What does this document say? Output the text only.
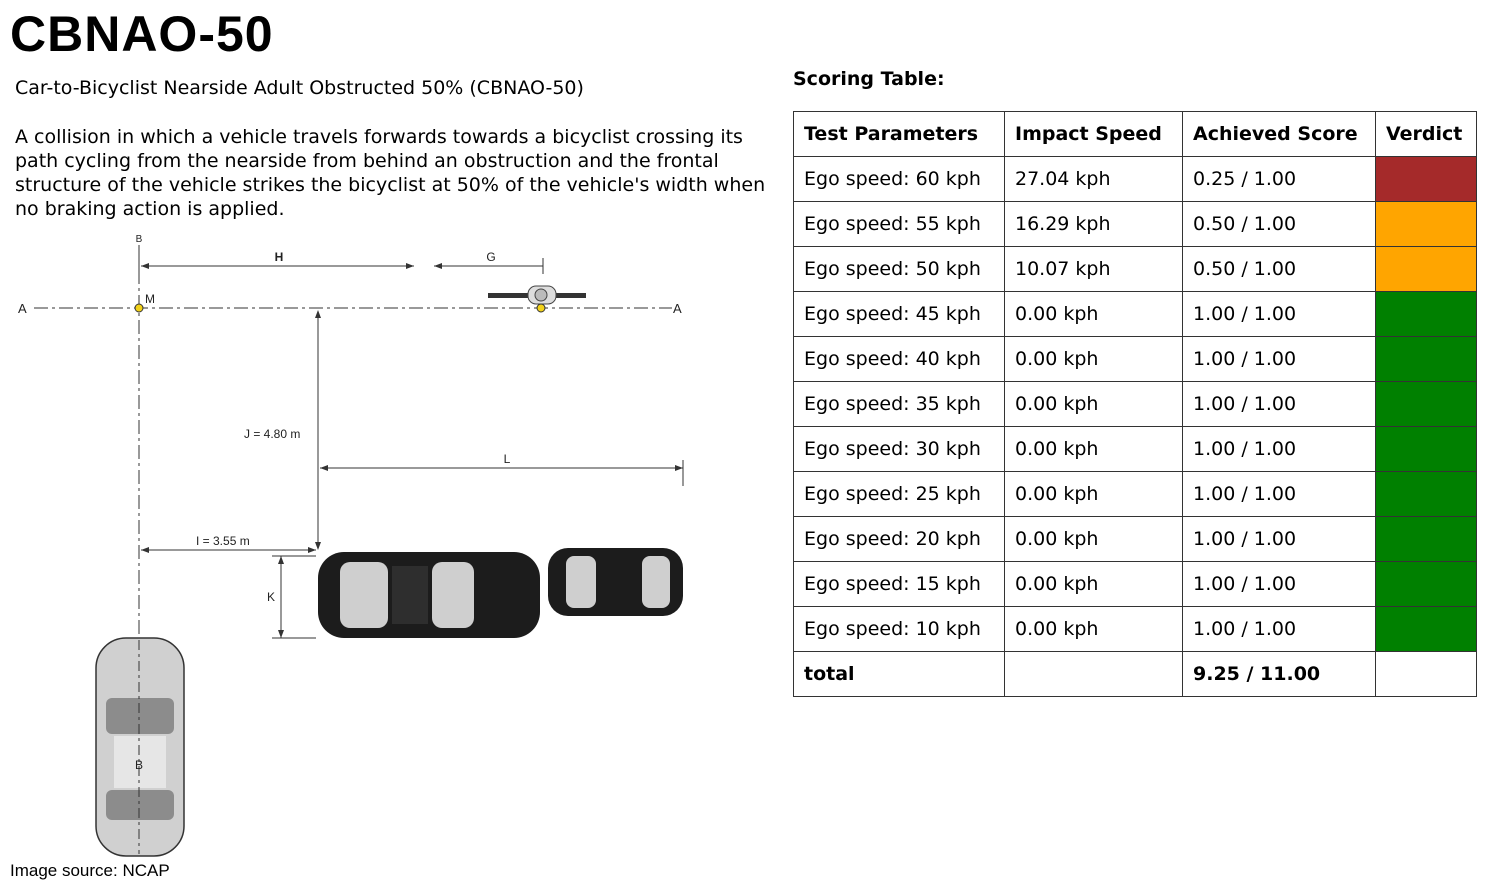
CBNAO-50

Car-to-Bicyclist Nearside Adult Obstructed 50% (CBNAO-50)

A collision in which a vehicle travels forwards towards a bicyclist crossing its path cycling from the nearside from behind an obstruction and the frontal structure of the vehicle strikes the bicyclist at 50% of the vehicle's width when no braking action is applied.

B
M
A	A
H	G
J = 4.80 m
L
I = 3.55 m
K
B

Image source: NCAP

Scoring Table:

Test Parameters	Impact Speed	Achieved Score	Verdict
Ego speed: 60 kph	27.04 kph	0.25 / 1.00	
Ego speed: 55 kph	16.29 kph	0.50 / 1.00	
Ego speed: 50 kph	10.07 kph	0.50 / 1.00	
Ego speed: 45 kph	0.00 kph	1.00 / 1.00	
Ego speed: 40 kph	0.00 kph	1.00 / 1.00	
Ego speed: 35 kph	0.00 kph	1.00 / 1.00	
Ego speed: 30 kph	0.00 kph	1.00 / 1.00	
Ego speed: 25 kph	0.00 kph	1.00 / 1.00	
Ego speed: 20 kph	0.00 kph	1.00 / 1.00	
Ego speed: 15 kph	0.00 kph	1.00 / 1.00	
Ego speed: 10 kph	0.00 kph	1.00 / 1.00	
total		9.25 / 11.00	
